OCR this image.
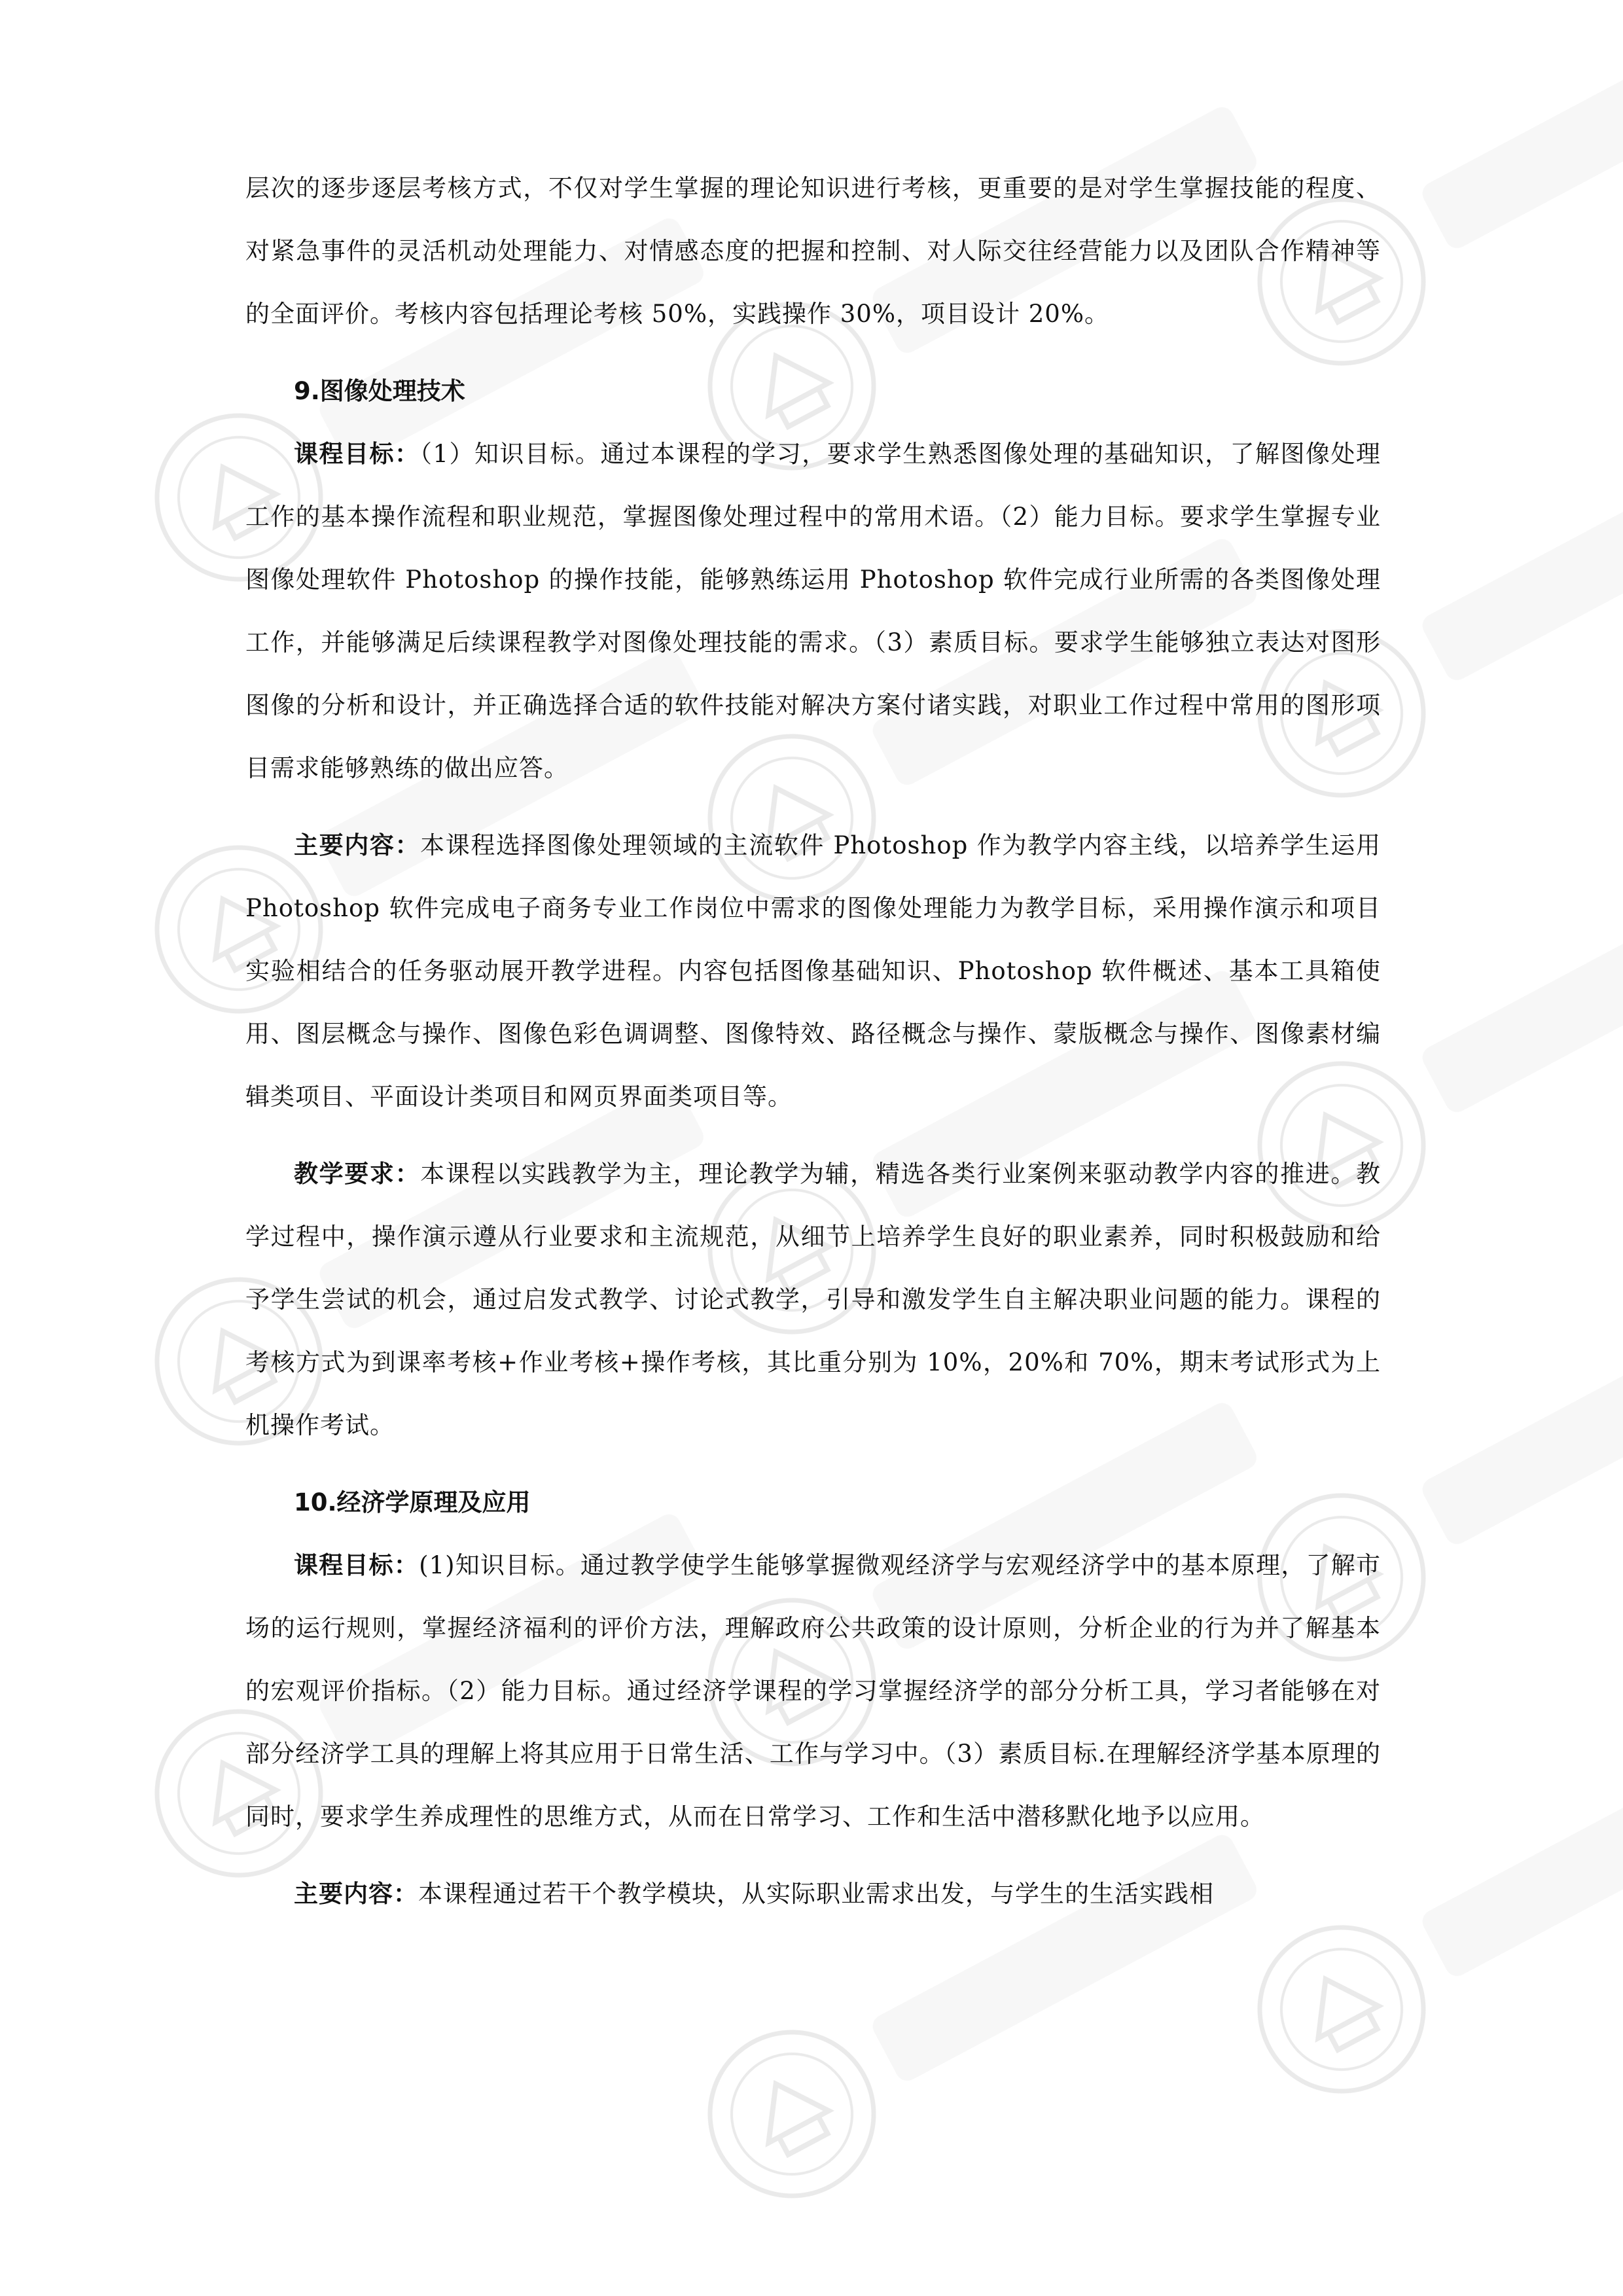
层次的逐步逐层考核方式，不仅对学生掌握的理论知识进行考核，更重要的是对学生掌握技能的程度、对紧急事件的灵活机动处理能力、对情感态度的把握和控制、对人际交往经营能力以及团队合作精神等的全面评价。考核内容包括理论考核 50%，实践操作 30%，项目设计 20%。

9.图像处理技术

课程目标：（1）知识目标。通过本课程的学习，要求学生熟悉图像处理的基础知识，了解图像处理工作的基本操作流程和职业规范，掌握图像处理过程中的常用术语。（2）能力目标。要求学生掌握专业图像处理软件 Photoshop 的操作技能，能够熟练运用 Photoshop 软件完成行业所需的各类图像处理工作，并能够满足后续课程教学对图像处理技能的需求。（3）素质目标。要求学生能够独立表达对图形图像的分析和设计，并正确选择合适的软件技能对解决方案付诸实践，对职业工作过程中常用的图形项目需求能够熟练的做出应答。

主要内容：本课程选择图像处理领域的主流软件 Photoshop 作为教学内容主线，以培养学生运用 Photoshop 软件完成电子商务专业工作岗位中需求的图像处理能力为教学目标，采用操作演示和项目实验相结合的任务驱动展开教学进程。内容包括图像基础知识、Photoshop 软件概述、基本工具箱使用、图层概念与操作、图像色彩色调调整、图像特效、路径概念与操作、蒙版概念与操作、图像素材编辑类项目、平面设计类项目和网页界面类项目等。

教学要求：本课程以实践教学为主，理论教学为辅，精选各类行业案例来驱动教学内容的推进。教学过程中，操作演示遵从行业要求和主流规范，从细节上培养学生良好的职业素养，同时积极鼓励和给予学生尝试的机会，通过启发式教学、讨论式教学，引导和激发学生自主解决职业问题的能力。课程的考核方式为到课率考核+作业考核+操作考核，其比重分别为 10%，20%和 70%，期末考试形式为上机操作考试。

10.经济学原理及应用

课程目标：(1)知识目标。通过教学使学生能够掌握微观经济学与宏观经济学中的基本原理，了解市场的运行规则，掌握经济福利的评价方法，理解政府公共政策的设计原则，分析企业的行为并了解基本的宏观评价指标。（2）能力目标。通过经济学课程的学习掌握经济学的部分分析工具，学习者能够在对部分经济学工具的理解上将其应用于日常生活、工作与学习中。（3）素质目标.在理解经济学基本原理的同时，要求学生养成理性的思维方式，从而在日常学习、工作和生活中潜移默化地予以应用。

主要内容：本课程通过若干个教学模块，从实际职业需求出发，与学生的生活实践相
